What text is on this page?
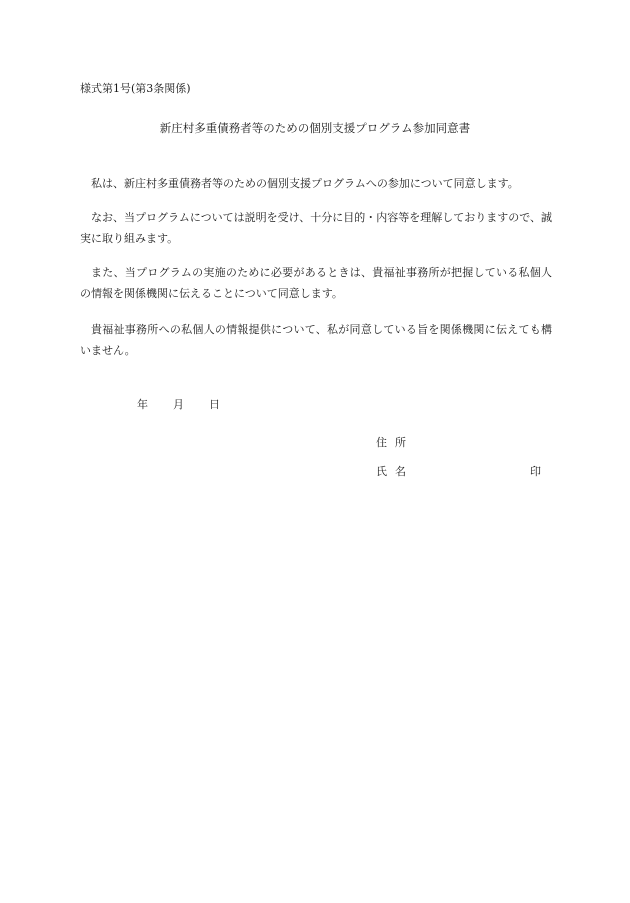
様式第1号(第3条関係)
新庄村多重債務者等のための個別支援プログラム参加同意書
私は、新庄村多重債務者等のための個別支援プログラムへの参加について同意します。
なお、当プログラムについては説明を受け、十分に目的・内容等を理解しておりますので、誠実に取り組みます。
また、当プログラムの実施のために必要があるときは、貴福祉事務所が把握している私個人の情報を関係機関に伝えることについて同意します。
貴福祉事務所への私個人の情報提供について、私が同意している旨を関係機関に伝えても構いません。
年 月 日
住所
氏名	印
